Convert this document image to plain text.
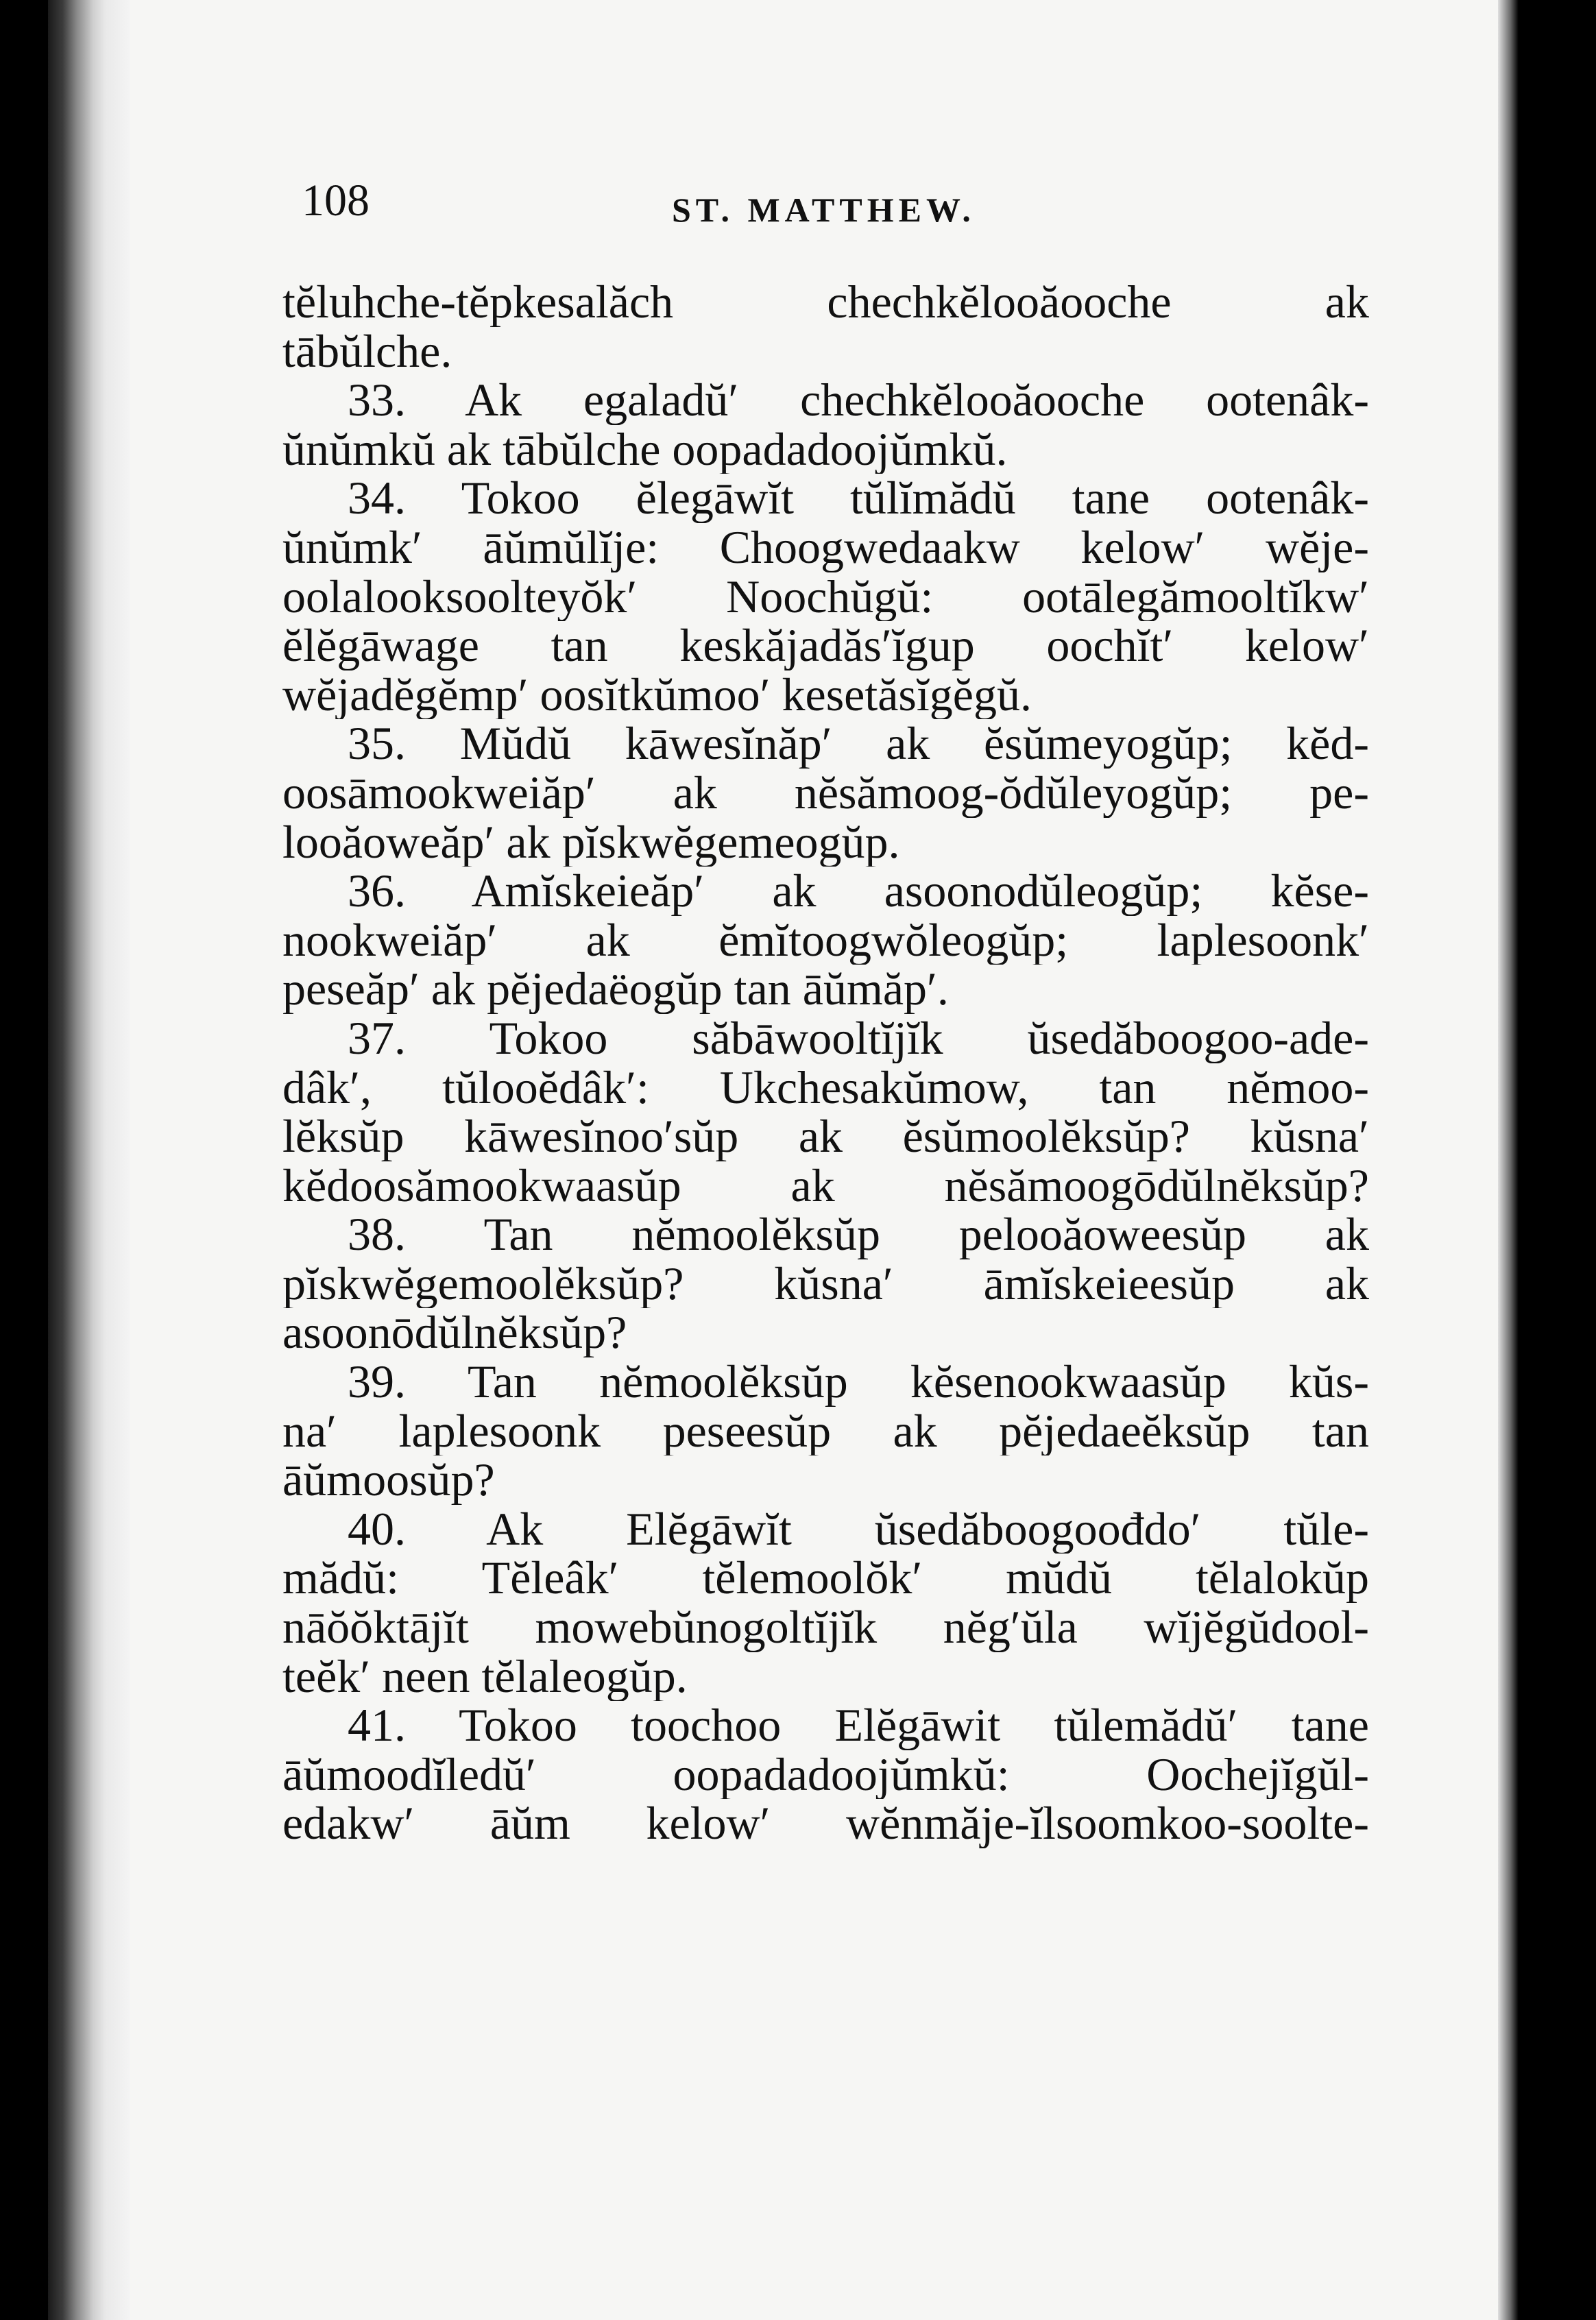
108	ST. MATTHEW.
tĕluhche-tĕpkesalăch chechkĕlooăooche ak
tābŭlche.
33. Ak egaladŭ′ chechkĕlooăooche ootenâk-
ŭnŭmkŭ ak tābŭlche oopadadoojŭmkŭ.
34. Tokoo ĕlegāwĭt tŭlĭmădŭ tane ootenâk-
ŭnŭmk′ āŭmŭlĭje: Choogwedaakw kelow′ wĕje-
oolalooksoolteyŏk′ Noochŭgŭ: ootālegămooltĭkw′
ĕlĕgāwage tan keskăjadăs′ĭgup oochĭt′ kelow′
wĕjadĕgĕmp′ oosĭtkŭmoo′ kesetăsĭgĕgŭ.
35. Mŭdŭ kāwesĭnăp′ ak ĕsŭmeyogŭp; kĕd-
oosāmookweiăp′ ak nĕsămoog-ŏdŭleyogŭp; pe-
looăoweăp′ ak pĭskwĕgemeogŭp.
36. Amĭskeieăp′ ak asoonodŭleogŭp; kĕse-
nookweiăp′ ak ĕmĭtoogwŏleogŭp; laplesoonk′
peseăp′ ak pĕjedaëogŭp tan āŭmăp′.
37. Tokoo săbāwooltĭjĭk ŭsedăboogoo-ade-
dâk′, tŭlooĕdâk′: Ukchesakŭmow, tan nĕmoo-
lĕksŭp kāwesĭnoo′sŭp ak ĕsŭmoolĕksŭp? kŭsna′
kĕdoosămookwaasŭp ak nĕsămoogōdŭlnĕksŭp?
38. Tan nĕmoolĕksŭp pelooăoweesŭp ak
pĭskwĕgemoolĕksŭp? kŭsna′ āmĭskeieesŭp ak
asoonōdŭlnĕksŭp?
39. Tan nĕmoolĕksŭp kĕsenookwaasŭp kŭs-
na′ laplesoonk peseesŭp ak pĕjedaeĕksŭp tan
āŭmoosŭp?
40. Ak Elĕgāwĭt ŭsedăboogoođdo′ tŭle-
mădŭ: Tĕleâk′ tĕlemoolŏk′ mŭdŭ tĕlalokŭp
nāŏŏktājĭt mowebŭnogoltĭjĭk nĕg′ŭla wĭjĕgŭdool-
teĕk′ neen tĕlaleogŭp.
41. Tokoo toochoo Elĕgāwit tŭlemădŭ′ tane
āŭmoodĭledŭ′ oopadadoojŭmkŭ: Oochejĭgŭl-
edakw′ āŭm kelow′ wĕnmăje-ĭlsoomkoo-soolte-
